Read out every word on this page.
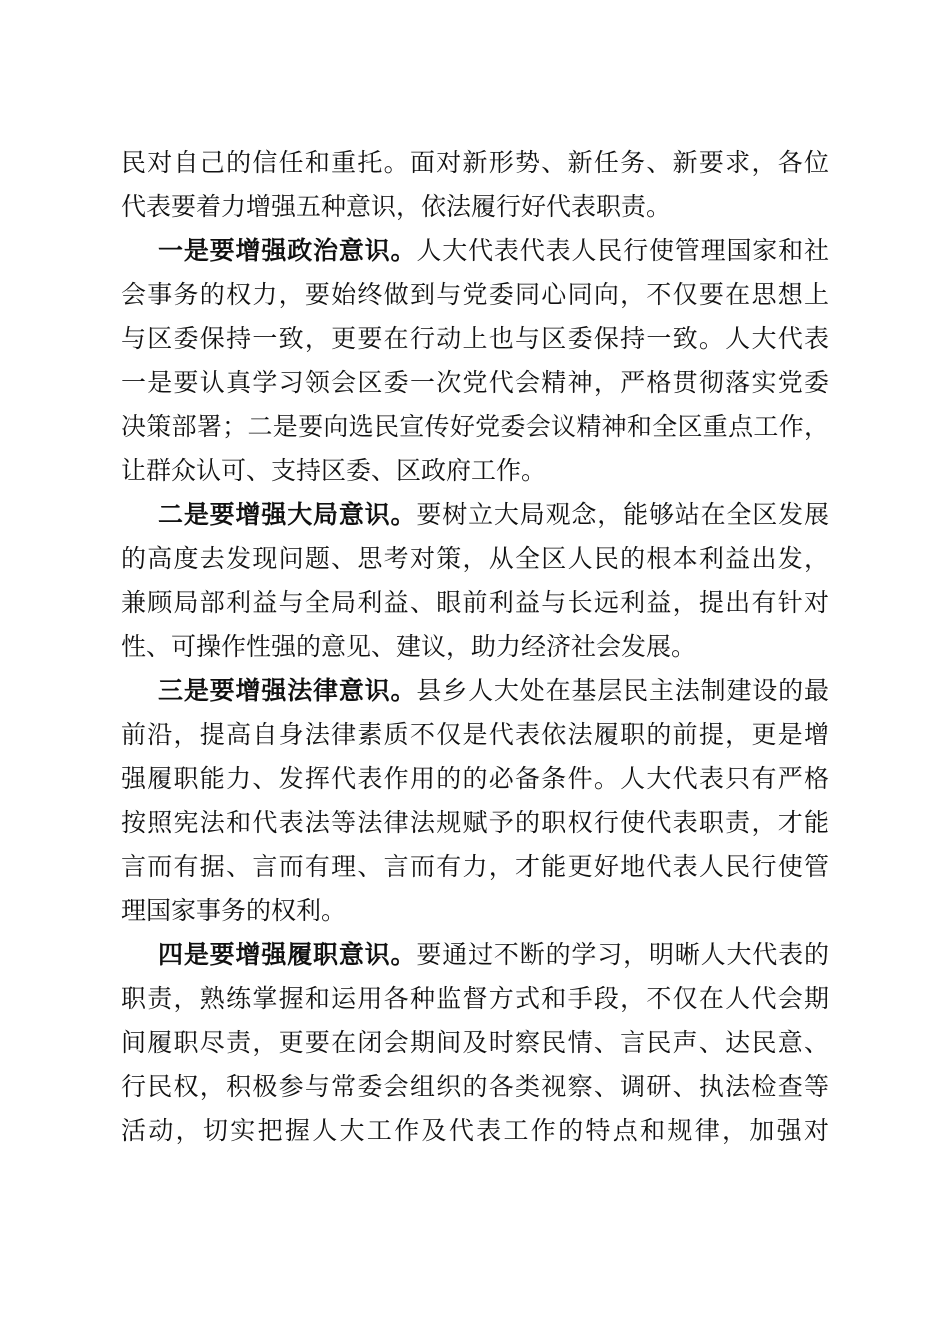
民对自己的信任和重托。面对新形势、新任务、新要求，各位
代表要着力增强五种意识，依法履行好代表职责。
一是要增强政治意识。人大代表代表人民行使管理国家和社
会事务的权力，要始终做到与党委同心同向，不仅要在思想上
与区委保持一致，更要在行动上也与区委保持一致。人大代表
一是要认真学习领会区委一次党代会精神，严格贯彻落实党委
决策部署；二是要向选民宣传好党委会议精神和全区重点工作，
让群众认可、支持区委、区政府工作。
二是要增强大局意识。要树立大局观念，能够站在全区发展
的高度去发现问题、思考对策，从全区人民的根本利益出发，
兼顾局部利益与全局利益、眼前利益与长远利益，提出有针对
性、可操作性强的意见、建议，助力经济社会发展。
三是要增强法律意识。县乡人大处在基层民主法制建设的最
前沿，提高自身法律素质不仅是代表依法履职的前提，更是增
强履职能力、发挥代表作用的的必备条件。人大代表只有严格
按照宪法和代表法等法律法规赋予的职权行使代表职责，才能
言而有据、言而有理、言而有力，才能更好地代表人民行使管
理国家事务的权利。
四是要增强履职意识。要通过不断的学习，明晰人大代表的
职责，熟练掌握和运用各种监督方式和手段，不仅在人代会期
间履职尽责，更要在闭会期间及时察民情、言民声、达民意、
行民权，积极参与常委会组织的各类视察、调研、执法检查等
活动，切实把握人大工作及代表工作的特点和规律，加强对
